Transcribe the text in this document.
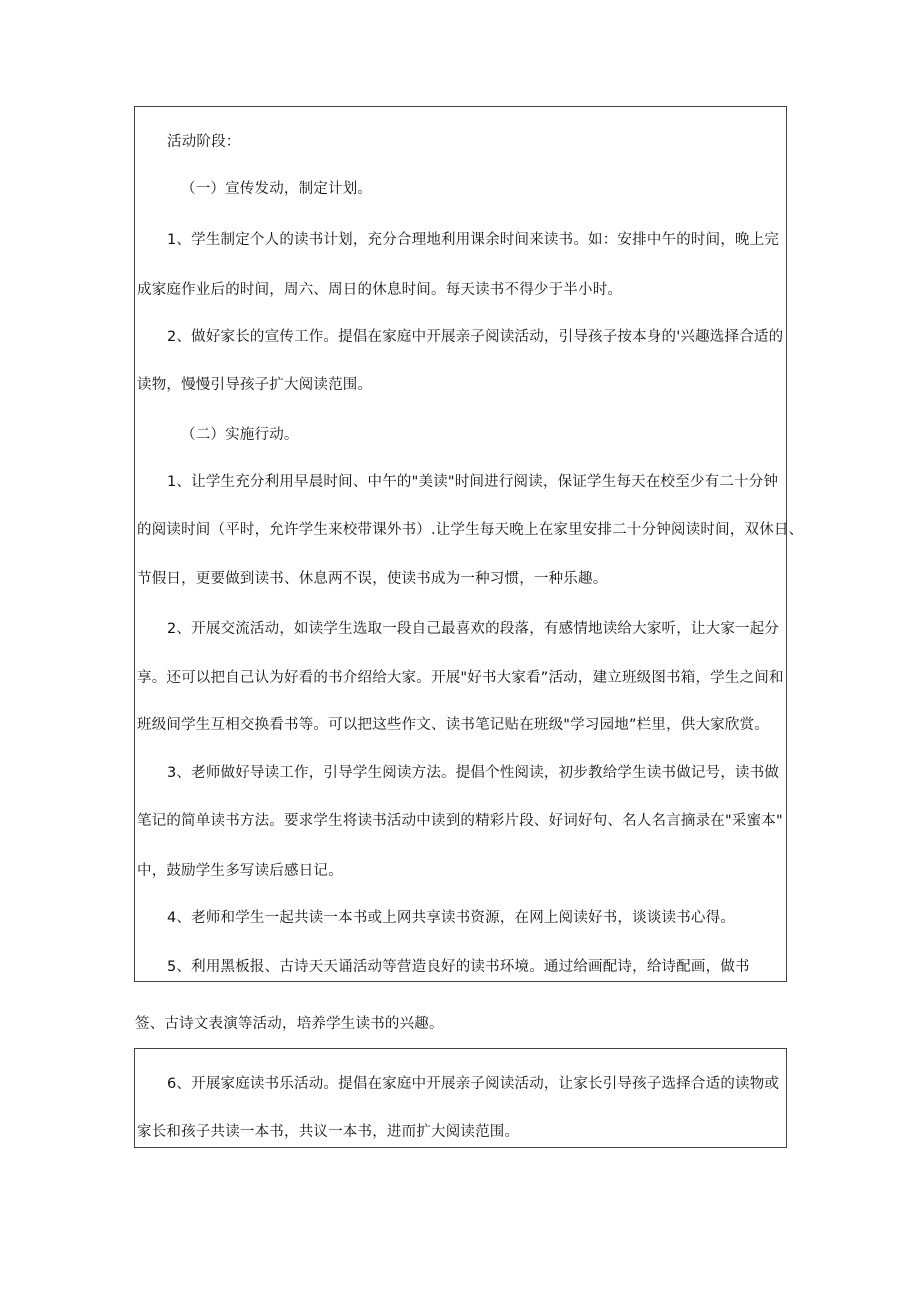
活动阶段：
（一）宣传发动，制定计划。
1、学生制定个人的读书计划，充分合理地利用课余时间来读书。如：安排中午的时间，晚上完
成家庭作业后的时间，周六、周日的休息时间。每天读书不得少于半小时。
2、做好家长的宣传工作。提倡在家庭中开展亲子阅读活动，引导孩子按本身的'兴趣选择合适的
读物，慢慢引导孩子扩大阅读范围。
（二）实施行动。
1、让学生充分利用早晨时间、中午的"美读"时间进行阅读，保证学生每天在校至少有二十分钟
的阅读时间（平时，允许学生来校带课外书）.让学生每天晚上在家里安排二十分钟阅读时间，双休日、
节假日，更要做到读书、休息两不误，使读书成为一种习惯，一种乐趣。
2、开展交流活动，如读学生选取一段自己最喜欢的段落，有感情地读给大家听，让大家一起分
享。还可以把自己认为好看的书介绍给大家。开展"好书大家看”活动，建立班级图书箱，学生之间和
班级间学生互相交换看书等。可以把这些作文、读书笔记贴在班级"学习园地”栏里，供大家欣赏。
3、老师做好导读工作，引导学生阅读方法。提倡个性阅读，初步教给学生读书做记号，读书做
笔记的简单读书方法。要求学生将读书活动中读到的精彩片段、好词好句、名人名言摘录在"采蜜本"
中，鼓励学生多写读后感日记。
4、老师和学生一起共读一本书或上网共享读书资源，在网上阅读好书，谈谈读书心得。
5、利用黑板报、古诗天天诵活动等营造良好的读书环境。通过给画配诗，给诗配画，做书
签、古诗文表演等活动，培养学生读书的兴趣。
6、开展家庭读书乐活动。提倡在家庭中开展亲子阅读活动，让家长引导孩子选择合适的读物或
家长和孩子共读一本书，共议一本书，进而扩大阅读范围。
